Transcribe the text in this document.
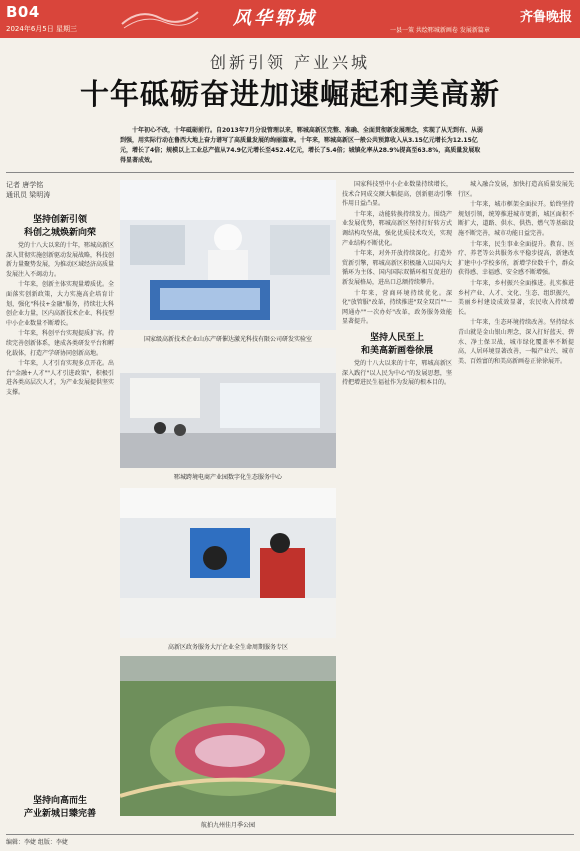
B04
2024年6月5日 星期三	风华郓城	齐鲁晚报
一县一策 共绘郓城新画卷 发展新篇章
创新引领 产业兴城
十年砥砺奋进加速崛起和美高新
十年初心不改，十年砥砺前行。自2013年7月分设管理以来，郓城高新区完整、准确、全面贯彻新发展理念，实现了从无到有、从弱到强，用实际行动在鲁西大地上奋力谱写了高质量发展的绚丽篇章。十年来，郓城高新区一般公共预算收入从3.15亿元增长为12.15亿元，增长了4倍；规模以上工业总产值从74.9亿元增长至452.4亿元，增长了5.4倍；城镇化率从28.9%提高至63.8%，高质量发展取得显著成效。
记者 唐学铭
通讯员 梁明涛
坚持创新引领
科创之城焕新向荣

党的十八大以来的十年，郓城高新区深入贯彻实施创新驱动发展战略，科技创新力量聚势发展，为推动区域经济高质量发展注入不竭动力。

十年来，创新主体实现量增质优。全面落实创新政策，大力实施高企培育计划，强化"科技+金融"服务，持续壮大科创企业力量，区内高新技术企业、科技型中小企业数量不断增长。

十年来，科创平台实现提质扩容。持续完善创新体系，建成各类研发平台和孵化载体，打造产学研协同创新高地。

十年来，人才引育实现多点开花。出台"金融+人才""人才引进政策"，积极引进各类高层次人才，为产业发展提供坚实支撑。

坚持向高而生
产业新城日臻完善
国家级高新技术企业山东产研催达激光科技有限公司研发实验室
郓城跨境电商产业园数字化生态服务中心
高新区政务服务大厅企业全生命周期服务专区
航拍九州佳月季公园

国家科技型中小企业数量持续增长，技术合同成交额大幅提高，创新驱动引擎作用日益凸显。

十年来，动能转换持续发力。围绕产业发展优势，郓城高新区坚持打好转方式调结构攻坚战，强化优质技术攻关，实现产业结构不断优化。

十年来，对外开放持续深化。打造外贸新引擎，郓城高新区积极融入以国内大循环为主体、国内国际双循环相互促进的新发展格局，进出口总额持续攀升。

十年来，营商环境持续优化。深化"放管服"改革，持续推进"双全双百""一网通办""一次办好"改革，政务服务效能显著提升。

坚持人民至上
和美高新画卷徐展

党的十八大以来的十年，郓城高新区深入践行"以人民为中心"的发展思想，坚持把增进民生福祉作为发展的根本目的。

城入融合发展，加快打造高质量发展先行区。

十年来，城市框架全面拉开。始终坚持规划引领，统筹推进城市更新，城区面积不断扩大，道路、供水、供热、燃气等基础设施不断完善，城市功能日益完善。

十年来，民生事业全面提升。教育、医疗、养老等公共服务水平稳步提高，新建改扩建中小学校多所，新增学位数千个，群众获得感、幸福感、安全感不断增强。

十年来，乡村振兴全面推进。扎实推进乡村产业、人才、文化、生态、组织振兴，美丽乡村建设成效显著，农民收入持续增长。

十年来，生态环境持续改善。坚持绿水青山就是金山银山理念，深入打好蓝天、碧水、净土保卫战，城市绿化覆盖率不断提高，人居环境显著改善，一幅产业兴、城市美、百姓富的和美高新画卷正徐徐展开。

编辑：李婕 组版：李婕
